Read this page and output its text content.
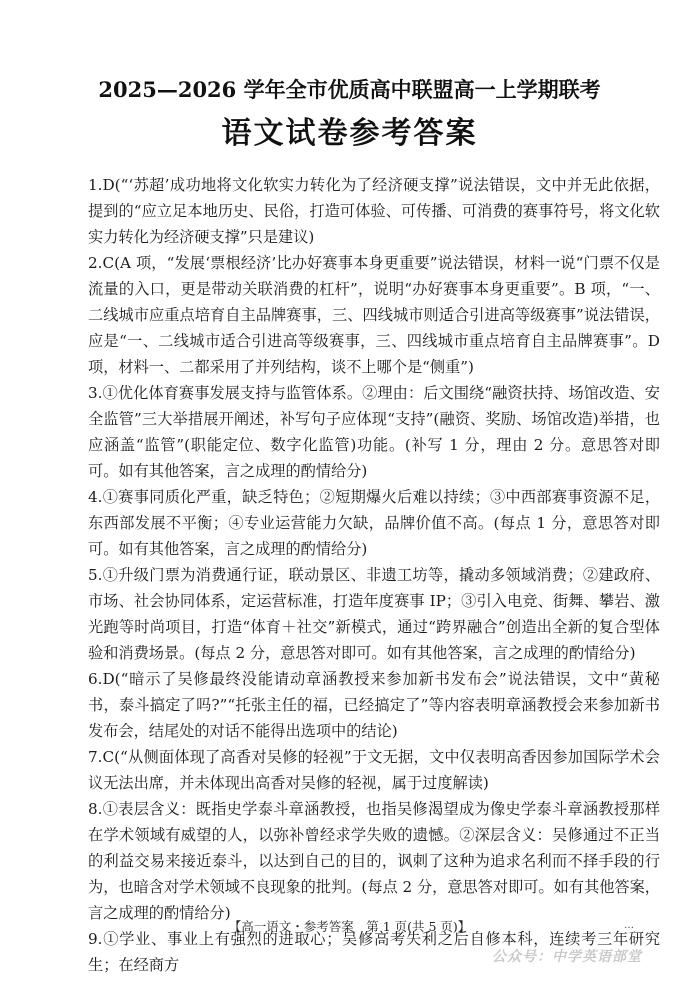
2025—2026 学年全市优质高中联盟高一上学期联考
语文试卷参考答案

1.D(“‘苏超’成功地将文化软实力转化为了经济硬支撑”说法错误，文中并无此依据，提到的“应立足本地历史、民俗，打造可体验、可传播、可消费的赛事符号，将文化软实力转化为经济硬支撑”只是建议)

2.C(A 项，“发展‘票根经济’比办好赛事本身更重要”说法错误，材料一说“门票不仅是流量的入口，更是带动关联消费的杠杆”，说明“办好赛事本身更重要”。B 项，“一、二线城市应重点培育自主品牌赛事，三、四线城市则适合引进高等级赛事”说法错误，应是“一、二线城市适合引进高等级赛事，三、四线城市重点培育自主品牌赛事”。D 项，材料一、二都采用了并列结构，谈不上哪个是“侧重”)

3.①优化体育赛事发展支持与监管体系。②理由：后文围绕“融资扶持、场馆改造、安全监管”三大举措展开阐述，补写句子应体现“支持”(融资、奖励、场馆改造)举措，也应涵盖“监管”(职能定位、数字化监管)功能。(补写 1 分，理由 2 分。意思答对即可。如有其他答案，言之成理的酌情给分)

4.①赛事同质化严重，缺乏特色；②短期爆火后难以持续；③中西部赛事资源不足，东西部发展不平衡；④专业运营能力欠缺，品牌价值不高。(每点 1 分，意思答对即可。如有其他答案，言之成理的酌情给分)

5.①升级门票为消费通行证，联动景区、非遗工坊等，撬动多领域消费；②建政府、市场、社会协同体系，定运营标准，打造年度赛事 IP；③引入电竞、街舞、攀岩、激光跑等时尚项目，打造“体育＋社交”新模式，通过“跨界融合”创造出全新的复合型体验和消费场景。(每点 2 分，意思答对即可。如有其他答案，言之成理的酌情给分)

6.D(“暗示了吴修最终没能请动章涵教授来参加新书发布会”说法错误，文中“黄秘书，泰斗搞定了吗?”“托张主任的福，已经搞定了”等内容表明章涵教授会来参加新书发布会，结尾处的对话不能得出选项中的结论)

7.C(“从侧面体现了高香对吴修的轻视”于文无据，文中仅表明高香因参加国际学术会议无法出席，并未体现出高香对吴修的轻视，属于过度解读)

8.①表层含义：既指史学泰斗章涵教授，也指吴修渴望成为像史学泰斗章涵教授那样在学术领域有威望的人，以弥补曾经求学失败的遗憾。②深层含义：吴修通过不正当的利益交易来接近泰斗，以达到自己的目的，讽刺了这种为追求名利而不择手段的行为，也暗含对学术领域不良现象的批判。(每点 2 分，意思答对即可。如有其他答案，言之成理的酌情给分)

9.①学业、事业上有强烈的进取心；吴修高考失利之后自修本科，连续考三年研究生；在经商方

【高一语文・参考答案　第 1 页(共 5 页)】	…
公众号：中学英语部堂
